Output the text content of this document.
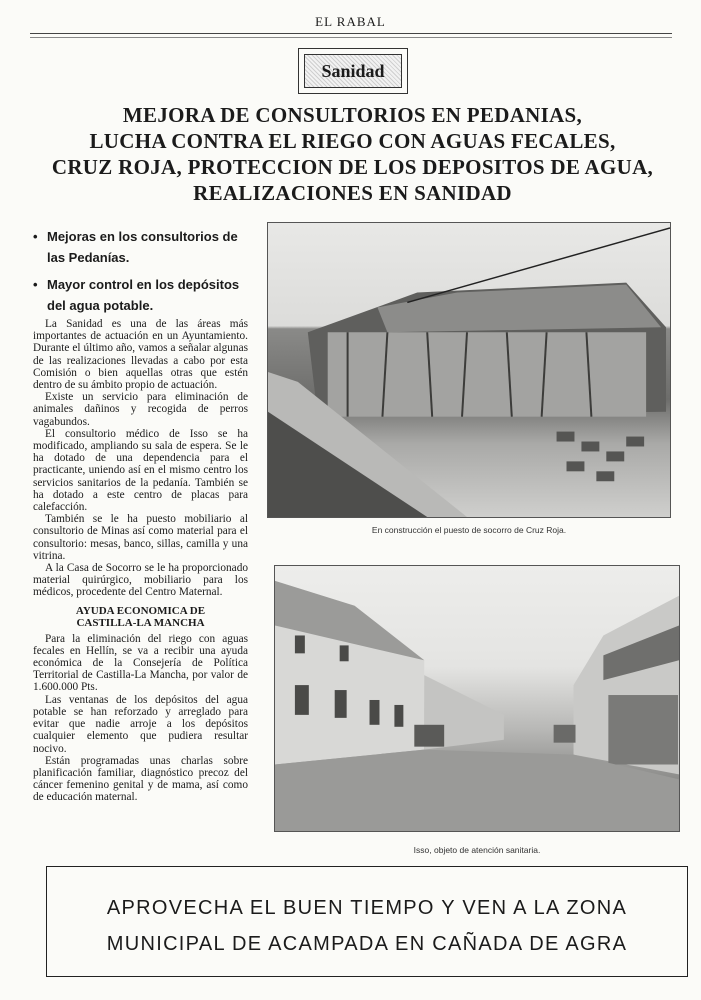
EL RABAL
Sanidad
MEJORA DE CONSULTORIOS EN PEDANIAS,
LUCHA CONTRA EL RIEGO CON AGUAS FECALES,
CRUZ ROJA, PROTECCION DE LOS DEPOSITOS DE AGUA,
REALIZACIONES EN SANIDAD
• Mejoras en los consultorios de las Pedanías.
• Mayor control en los depósitos del agua potable.

La Sanidad es una de las áreas más importantes de actuación en un Ayuntamiento. Durante el último año, vamos a señalar algunas de las realizaciones llevadas a cabo por esta Comisión o bien aquellas otras que estén dentro de su ámbito propio de actuación.

Existe un servicio para eliminación de animales dañinos y recogida de perros vagabundos.

El consultorio médico de Isso se ha modificado, ampliando su sala de espera. Se le ha dotado de una dependencia para el practicante, uniendo así en el mismo centro los servicios sanitarios de la pedanía. También se ha dotado a este centro de placas para calefacción.

También se le ha puesto mobiliario al consultorio de Minas así como material para el consultorio: mesas, banco, sillas, camilla y una vitrina.

A la Casa de Socorro se le ha proporcionado material quirúrgico, mobiliario para los médicos, procedente del Centro Maternal.

AYUDA ECONOMICA DE
CASTILLA-LA MANCHA

Para la eliminación del riego con aguas fecales en Hellín, se va a recibir una ayuda económica de la Consejería de Política Territorial de Castilla-La Mancha, por valor de 1.600.000 Pts.

Las ventanas de los depósitos del agua potable se han reforzado y arreglado para evitar que nadie arroje a los depósitos cualquier elemento que pudiera resultar nocivo.

Están programadas unas charlas sobre planificación familiar, diagnóstico precoz del cáncer femenino genital y de mama, así como de educación maternal.

En construcción el puesto de socorro de Cruz Roja.
Isso, objeto de atención sanitaria.
APROVECHA EL BUEN TIEMPO Y VEN A LA ZONA
MUNICIPAL DE ACAMPADA EN CAÑADA DE AGRA
